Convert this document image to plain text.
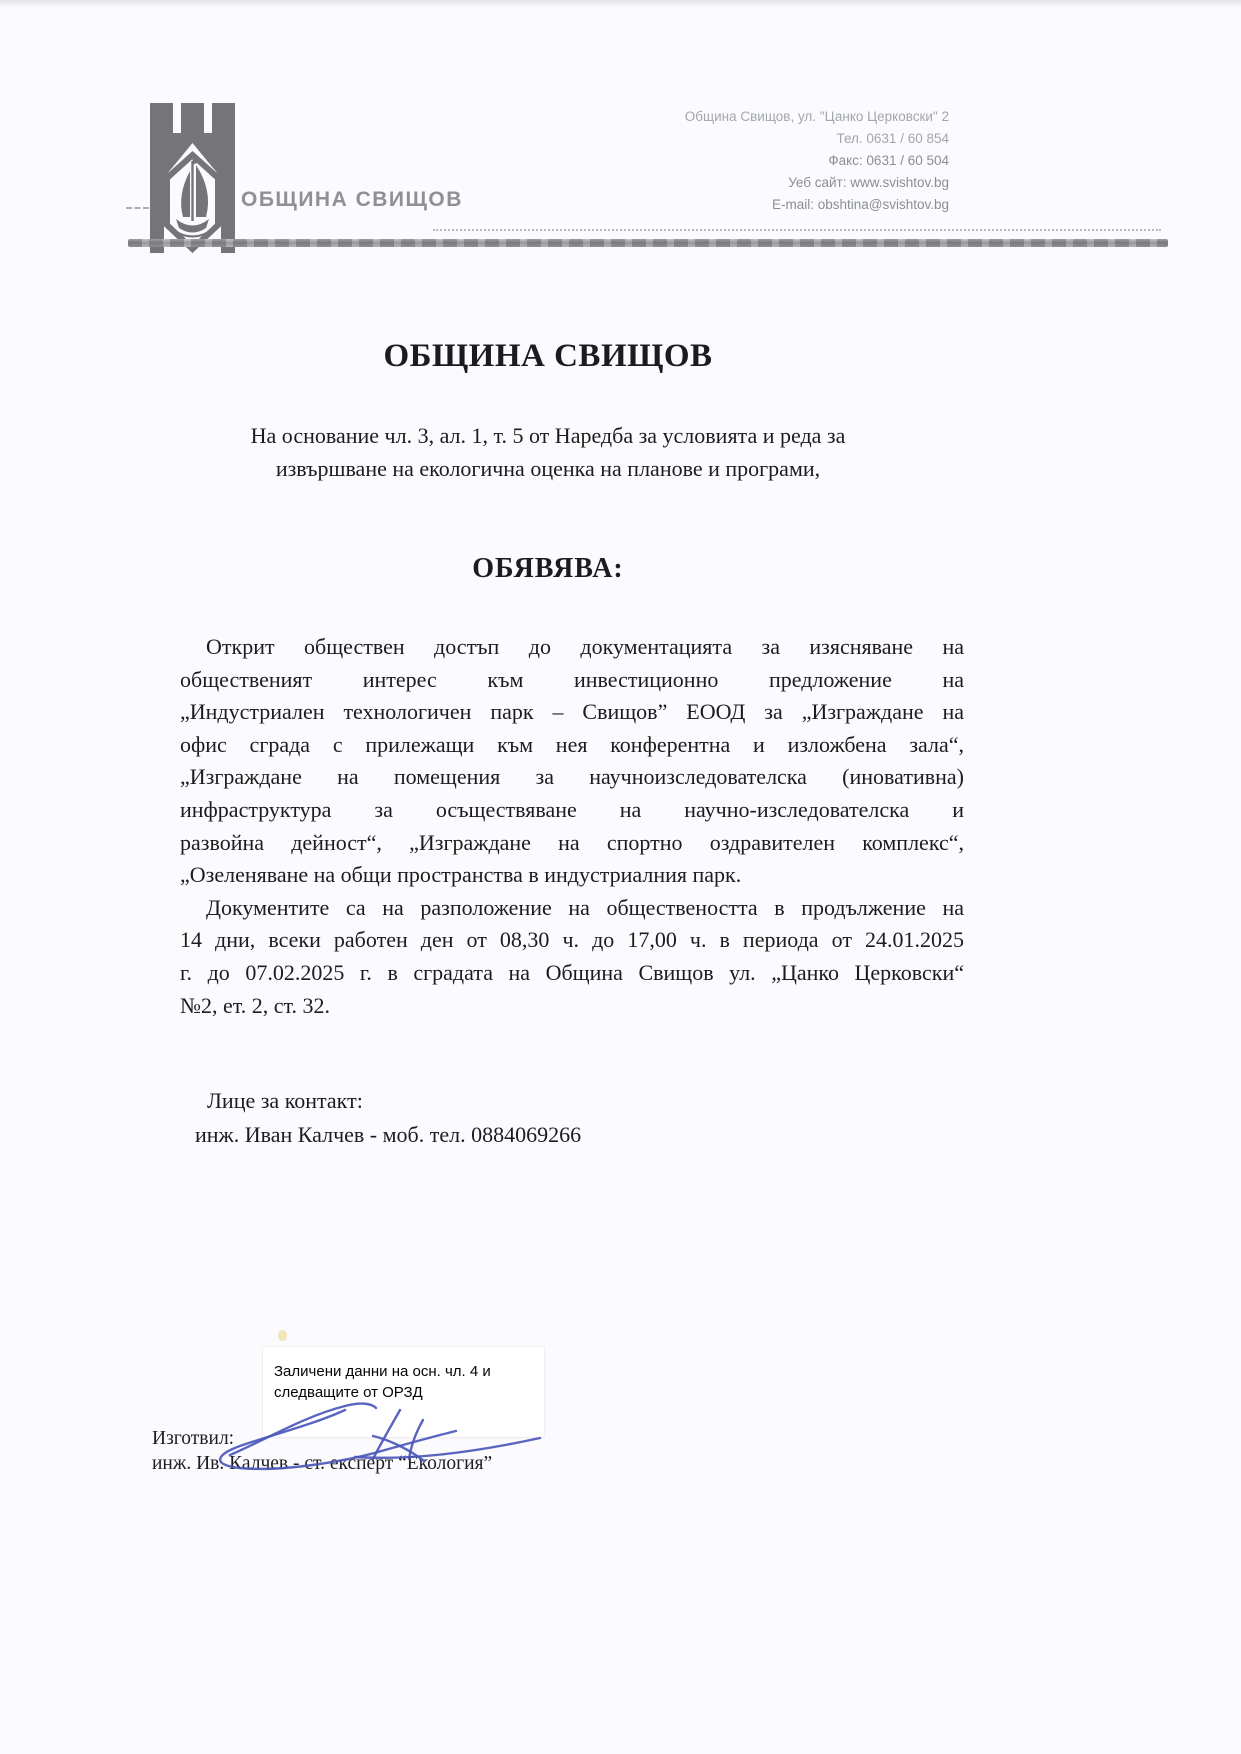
ОБЩИНА СВИЩОВ
Община Свищов, ул. "Цанко Церковски" 2
Тел. 0631 / 60 854
Факс: 0631 / 60 504
Уеб сайт: www.svishtov.bg
E-mail: obshtina@svishtov.bg
ОБЩИНА СВИЩОВ
На основание чл. 3, ал. 1, т. 5 от Наредба за условията и реда за
извършване на екологична оценка на планове и програми,
ОБЯВЯВА:
Открит обществен достъп до документацията за изясняване на
общественият интерес към инвестиционно предложение на
„Индустриален технологичен парк – Свищов” ЕООД за „Изграждане на
офис сграда с прилежащи към нея конферентна и изложбена зала“,
„Изграждане на помещения за научноизследователска (иновативна)
инфраструктура за осъществяване на научно-изследователска и
развойна дейност“, „Изграждане на спортно оздравителен комплекс“,
„Озеленяване на общи пространства в индустриалния парк.
Документите са на разположение на обществеността в продължение на
14 дни, всеки работен ден от 08,30 ч. до 17,00 ч. в периода от 24.01.2025
г. до 07.02.2025 г. в сградата на Община Свищов ул. „Цанко Церковски“
№2, ет. 2, ст. 32.
Лице за контакт:
инж. Иван Калчев - моб. тел. 0884069266
Заличени данни на осн. чл. 4 и
следващите от ОРЗД
Изготвил:
инж. Ив. Калчев - ст. експерт “Екология”
